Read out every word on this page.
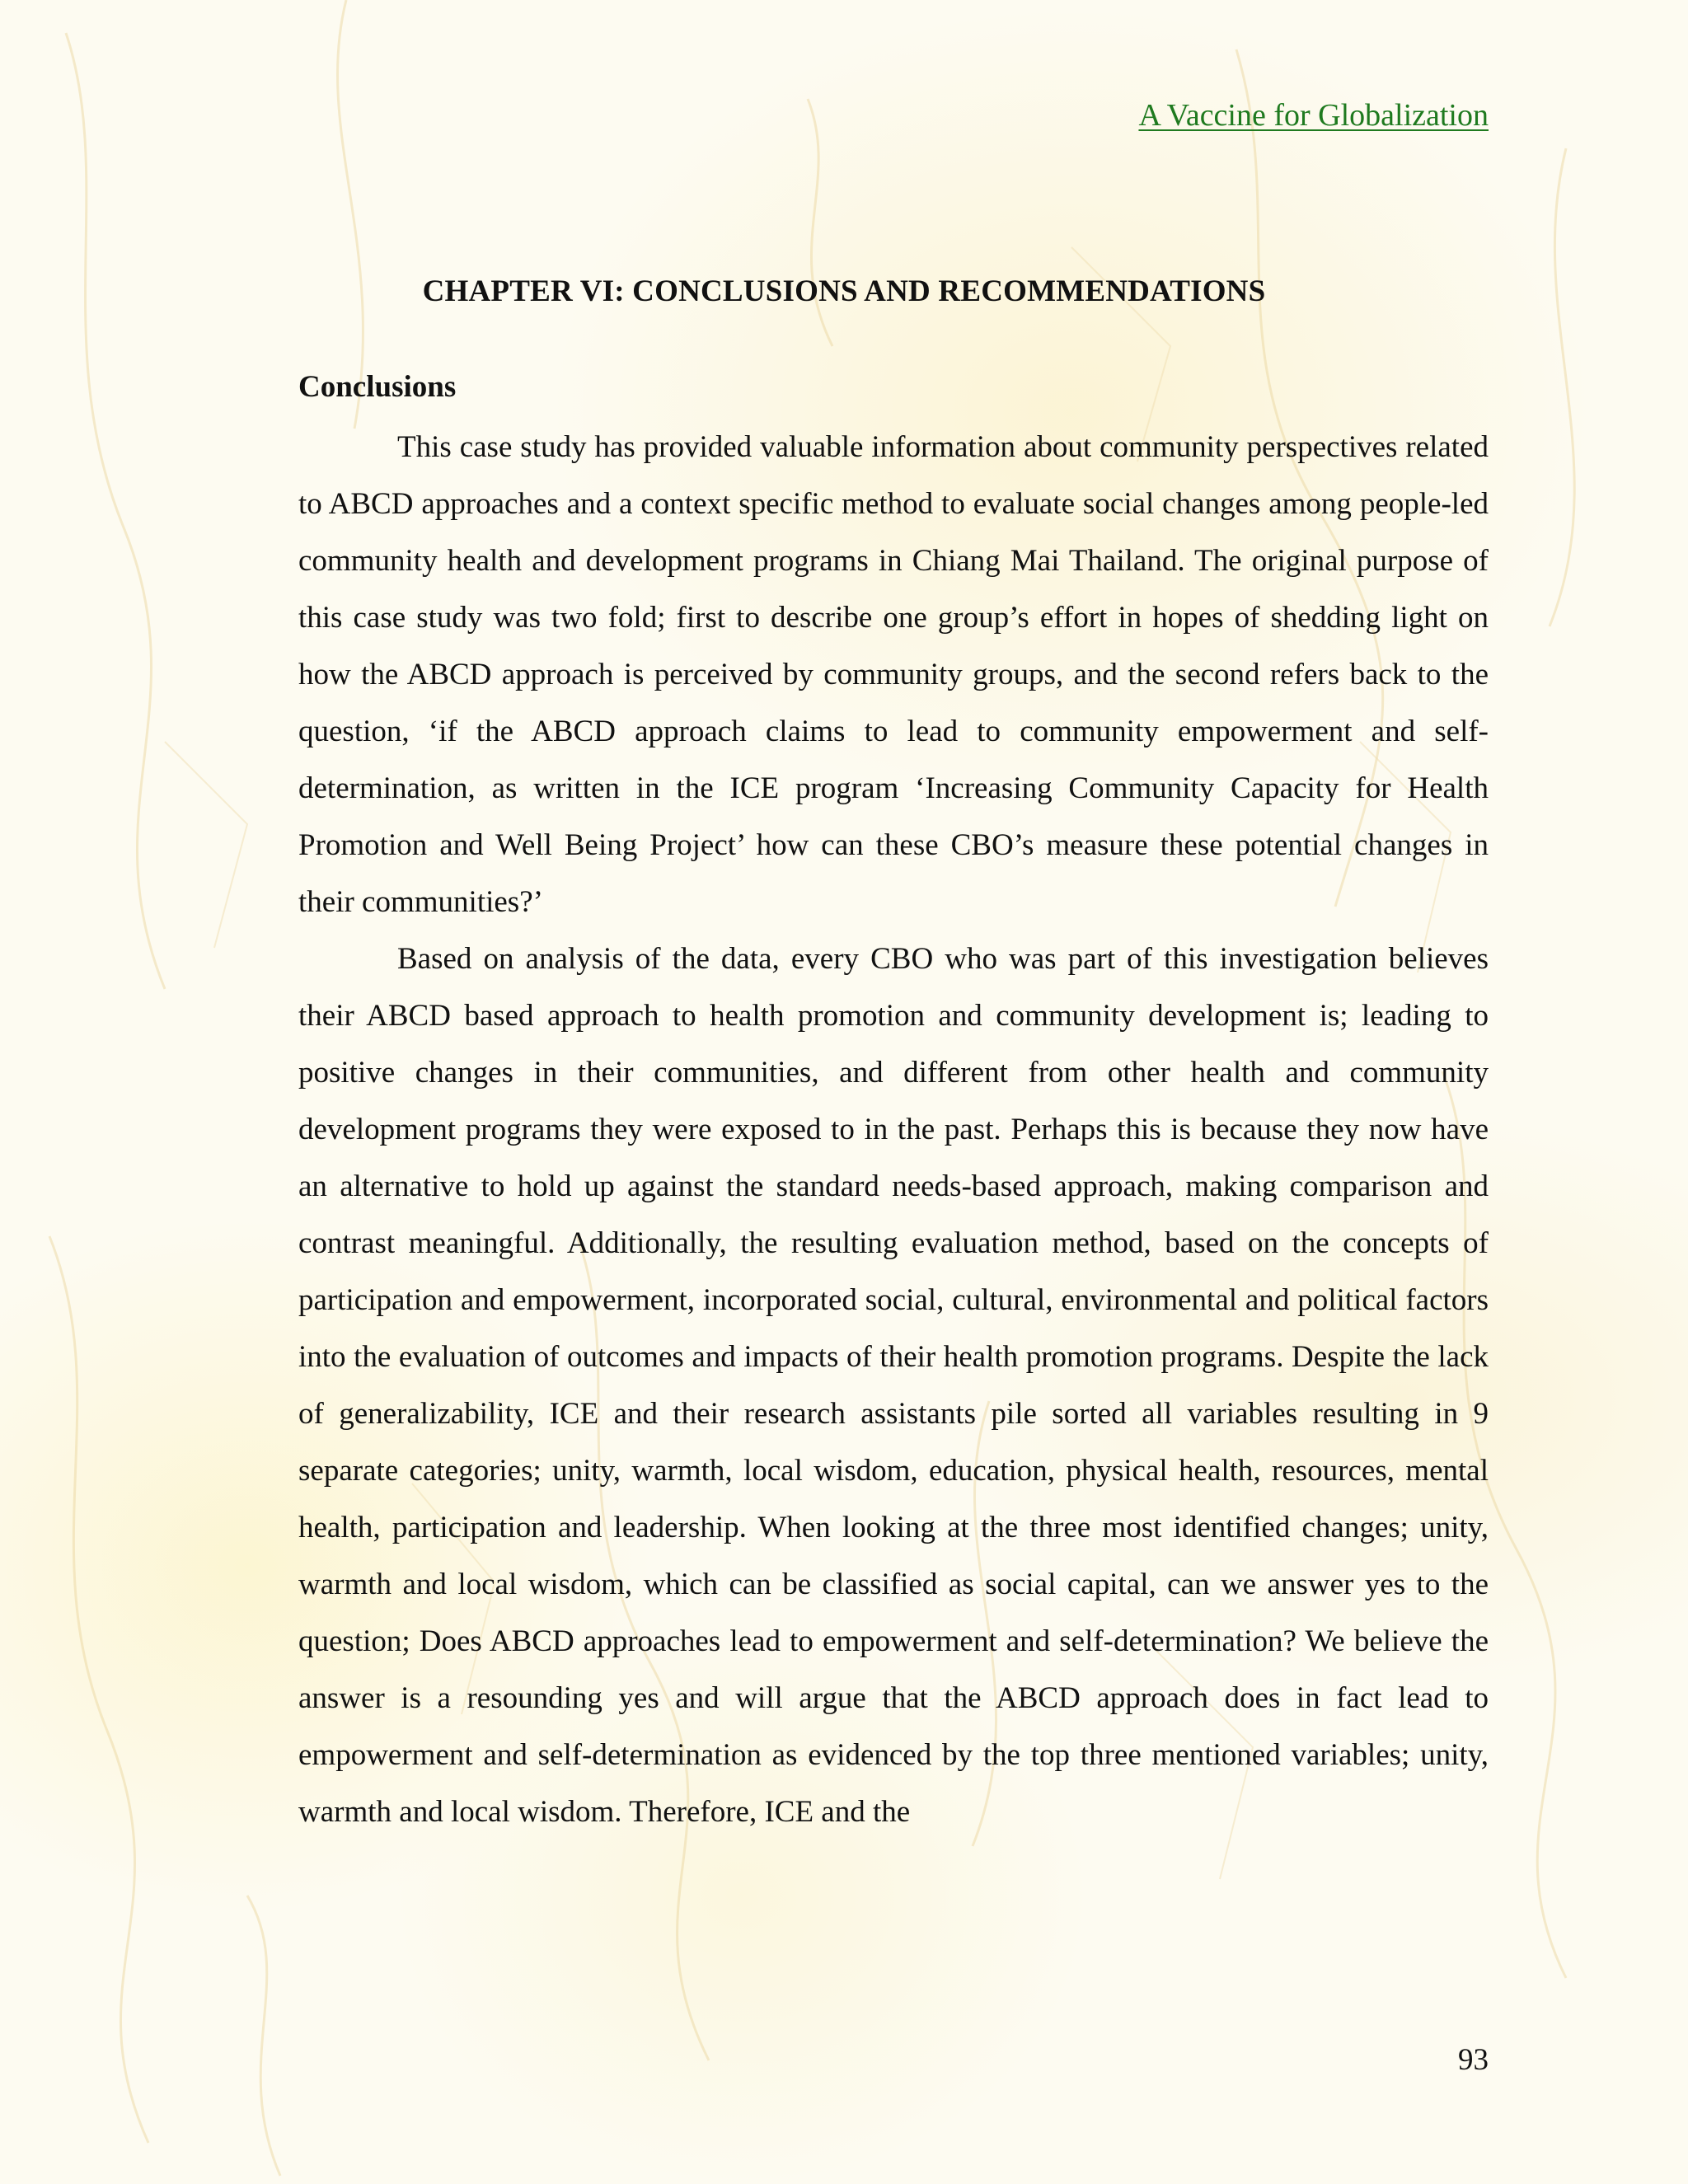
A Vaccine for Globalization
CHAPTER VI: CONCLUSIONS AND RECOMMENDATIONS
Conclusions

This case study has provided valuable information about community perspectives related to ABCD approaches and a context specific method to evaluate social changes among people-led community health and development programs in Chiang Mai Thailand. The original purpose of this case study was two fold; first to describe one group’s effort in hopes of shedding light on how the ABCD approach is perceived by community groups, and the second refers back to the question, ‘if the ABCD approach claims to lead to community empowerment and self-determination, as written in the ICE program ‘Increasing Community Capacity for Health Promotion and Well Being Project’ how can these CBO’s measure these potential changes in their communities?’

Based on analysis of the data, every CBO who was part of this investigation believes their ABCD based approach to health promotion and community development is; leading to positive changes in their communities, and different from other health and community development programs they were exposed to in the past. Perhaps this is because they now have an alternative to hold up against the standard needs-based approach, making comparison and contrast meaningful. Additionally, the resulting evaluation method, based on the concepts of participation and empowerment, incorporated social, cultural, environmental and political factors into the evaluation of outcomes and impacts of their health promotion programs. Despite the lack of generalizability, ICE and their research assistants pile sorted all variables resulting in 9 separate categories; unity, warmth, local wisdom, education, physical health, resources, mental health, participation and leadership. When looking at the three most identified changes; unity, warmth and local wisdom, which can be classified as social capital, can we answer yes to the question; Does ABCD approaches lead to empowerment and self-determination? We believe the answer is a resounding yes and will argue that the ABCD approach does in fact lead to empowerment and self-determination as evidenced by the top three mentioned variables; unity, warmth and local wisdom. Therefore, ICE and the

93
